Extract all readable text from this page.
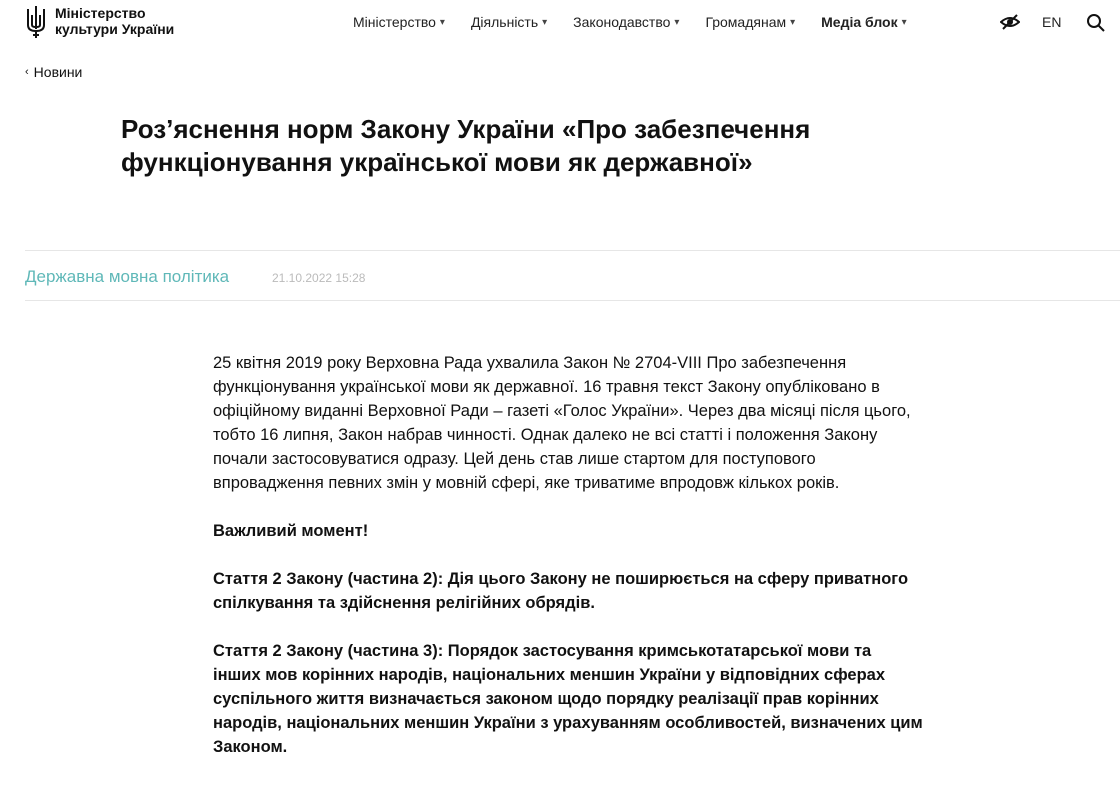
Міністерство
культури України	Міністерство ▾ Діяльність ▾ Законодавство ▾ Громадянам ▾ Медіа блок ▾	EN
‹ Новини
Роз’яснення норм Закону України «Про забезпечення функціонування української мови як державної»
Державна мовна політика	21.10.2022 15:28

25 квітня 2019 року Верховна Рада ухвалила Закон № 2704-VIII Про забезпечення функціонування української мови як державної. 16 травня текст Закону опубліковано в офіційному виданні Верховної Ради – газеті «Голос України». Через два місяці після цього, тобто 16 липня, Закон набрав чинності. Однак далеко не всі статті і положення Закону почали застосовуватися одразу. Цей день став лише стартом для поступового впровадження певних змін у мовній сфері, яке триватиме впродовж кількох років.

Важливий момент!

Стаття 2 Закону (частина 2): Дія цього Закону не поширюється на сферу приватного спілкування та здійснення релігійних обрядів.

Стаття 2 Закону (частина 3): Порядок застосування кримськотатарської мови та інших мов корінних народів, національних меншин України у відповідних сферах суспільного життя визначається законом щодо порядку реалізації прав корінних народів, національних меншин України з урахуванням особливостей, визначених цим Законом.
